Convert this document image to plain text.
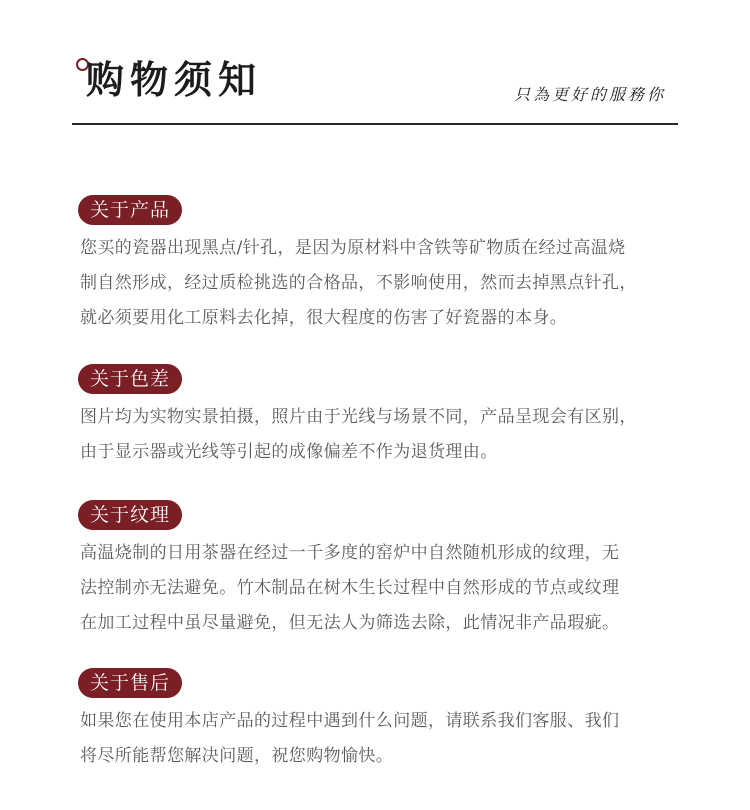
购物须知	只為更好的服務你
关于产品
您买的瓷器出现黑点/针孔，是因为原材料中含铁等矿物质在经过高温烧
制自然形成，经过质检挑选的合格品，不影响使用，然而去掉黑点针孔，
就必须要用化工原料去化掉，很大程度的伤害了好瓷器的本身。
关于色差
图片均为实物实景拍摄，照片由于光线与场景不同，产品呈现会有区别，
由于显示器或光线等引起的成像偏差不作为退货理由。
关于纹理
高温烧制的日用茶器在经过一千多度的窑炉中自然随机形成的纹理，无
法控制亦无法避免。竹木制品在树木生长过程中自然形成的节点或纹理
在加工过程中虽尽量避免，但无法人为筛选去除，此情况非产品瑕疵。
关于售后
如果您在使用本店产品的过程中遇到什么问题，请联系我们客服、我们
将尽所能帮您解决问题，祝您购物愉快。
